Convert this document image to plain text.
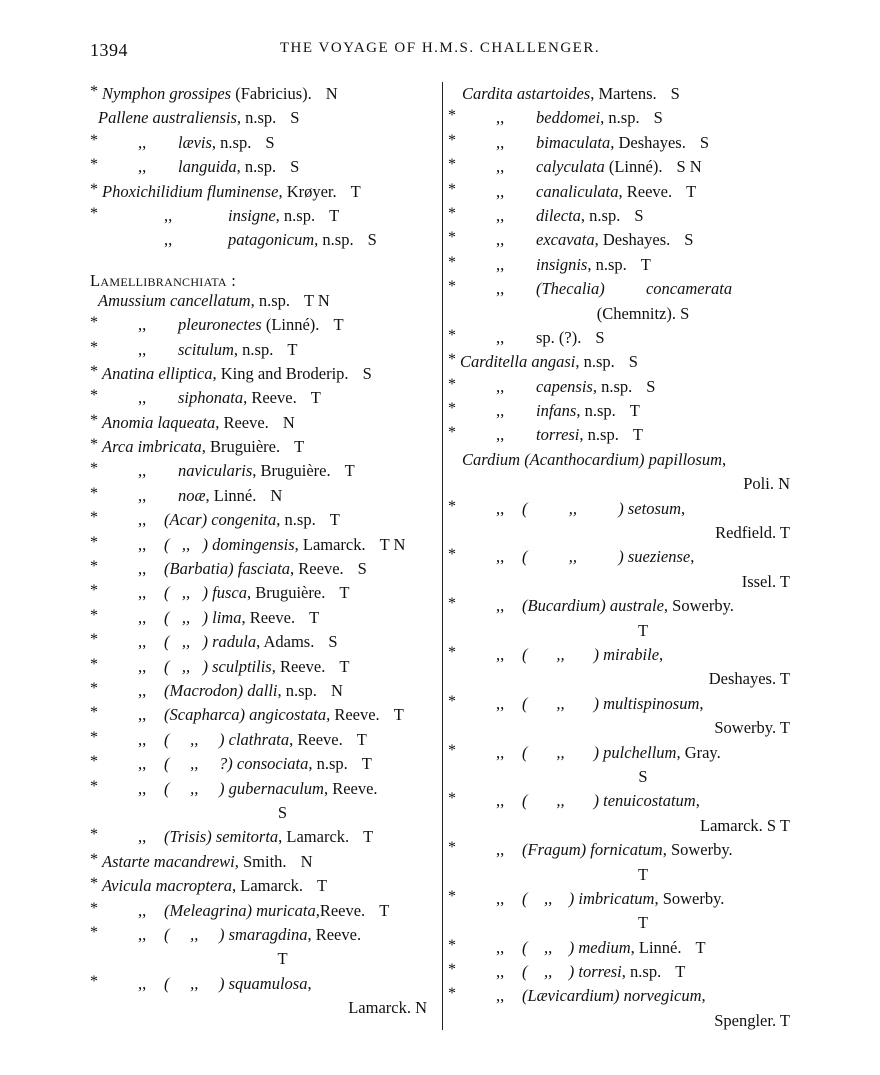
1394	THE VOYAGE OF H.M.S. CHALLENGER.
* Nymphon grossipes (Fabricius). N
Pallene australiensis, n.sp. S
*	,, lævis, n.sp. S
*	,, languida, n.sp. S
* Phoxichilidium fluminense, Krøyer. T
*	,,	insigne, n.sp. T
,,	patagonicum, n.sp. S
Lamellibranchiata :
Amussium cancellatum, n.sp. T N
*	,, pleuronectes (Linné). T
*	,, scitulum, n.sp. T
* Anatina elliptica, King and Broderip. S
*	,, siphonata, Reeve. T
* Anomia laqueata, Reeve. N
* Arca imbricata, Bruguière. T
*	,, navicularis, Bruguière. T
*	,, noæ, Linné. N
*	,, (Acar) congenita, n.sp. T
*	,, (   ,,   ) domingensis, Lamarck. T N
*	,, (Barbatia) fasciata, Reeve. S
*	,, (   ,,   ) fusca, Bruguière. T
*	,, (   ,,   ) lima, Reeve. T
*	,, (   ,,   ) radula, Adams. S
*	,, (   ,,   ) sculptilis, Reeve. T
*	,, (Macrodon) dalli, n.sp. N
*	,, (Scapharca) angicostata, Reeve. T
*	,, (     ,,     ) clathrata, Reeve. T
*	,, (     ,,     ?) consociata, n.sp. T
*	,, (     ,,     ) gubernaculum, Reeve.
S
*	,, (Trisis) semitorta, Lamarck. T
* Astarte macandrewi, Smith. N
* Avicula macroptera, Lamarck. T
*	,, (Meleagrina) muricata,Reeve. T
*	,, (     ,,     ) smaragdina, Reeve.
T
*	,, (     ,,     ) squamulosa,
Lamarck. N
Cardita astartoides, Martens. S
*	,, beddomei, n.sp. S
*	,, bimaculata, Deshayes. S
*	,, calyculata (Linné). S N
*	,, canaliculata, Reeve. T
*	,, dilecta, n.sp. S
*	,, excavata, Deshayes. S
*	,, insignis, n.sp. T
*	,, (Thecalia)          concamerata
(Chemnitz). S
*	,, sp. (?). S
* Carditella angasi, n.sp. S
*	,, capensis, n.sp. S
*	,, infans, n.sp. T
*	,, torresi, n.sp. T
Cardium (Acanthocardium) papillosum,
Poli. N
*	,, (          ,,          ) setosum,
Redfield. T
*	,, (          ,,          ) sueziense,
Issel. T
*	,, (Bucardium) australe, Sowerby.
T
*	,, (       ,,       ) mirabile,
Deshayes. T
*	,, (       ,,       ) multispinosum,
Sowerby. T
*	,, (       ,,       ) pulchellum, Gray.
S
*	,, (       ,,       ) tenuicostatum,
Lamarck. S T
*	,, (Fragum) fornicatum, Sowerby.
T
*	,, (    ,,    ) imbricatum, Sowerby.
T
*	,, (    ,,    ) medium, Linné. T
*	,, (    ,,    ) torresi, n.sp. T
*	,, (Lævicardium) norvegicum,
Spengler. T
